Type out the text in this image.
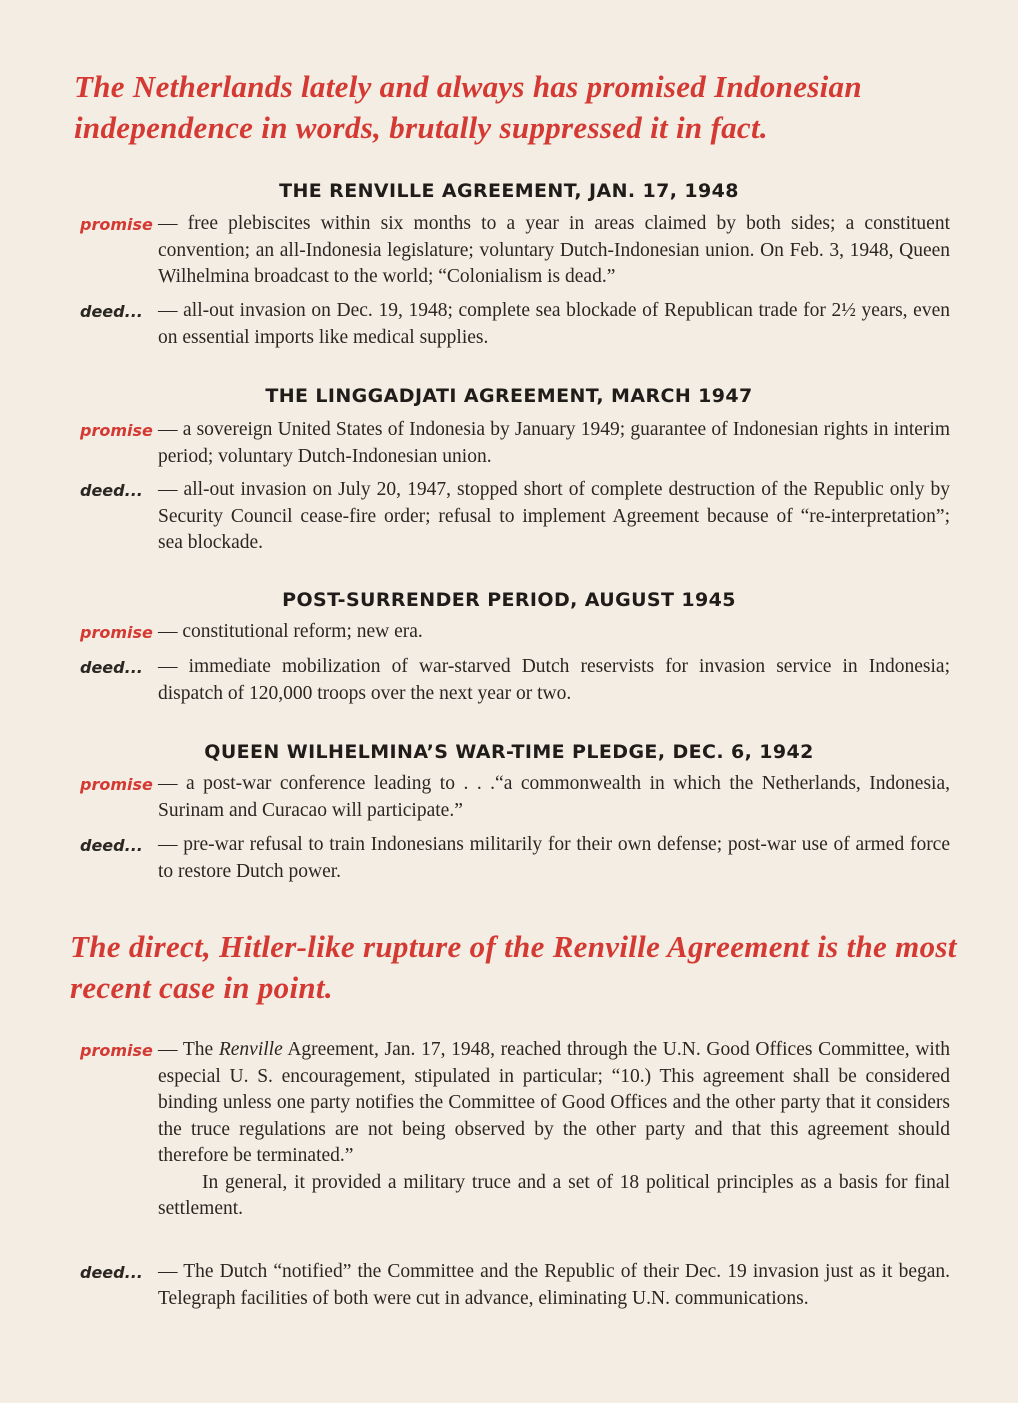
The Netherlands lately and always has promised Indonesian independence in words, brutally suppressed it in fact.
THE RENVILLE AGREEMENT, JAN. 17, 1948
promise — free plebiscites within six months to a year in areas claimed by both sides; a constituent convention; an all-Indonesia legislature; voluntary Dutch-Indonesian union. On Feb. 3, 1948, Queen Wilhelmina broadcast to the world; “Colonialism is dead.”
deed... — all-out invasion on Dec. 19, 1948; complete sea blockade of Republican trade for 2½ years, even on essential imports like medical supplies.
THE LINGGADJATI AGREEMENT, MARCH 1947
promise — a sovereign United States of Indonesia by January 1949; guarantee of Indonesian rights in interim period; voluntary Dutch-Indonesian union.
deed... — all-out invasion on July 20, 1947, stopped short of complete destruction of the Republic only by Security Council cease-fire order; refusal to implement Agreement because of “re-interpretation”; sea blockade.
POST-SURRENDER PERIOD, AUGUST 1945
promise — constitutional reform; new era.
deed... — immediate mobilization of war-starved Dutch reservists for invasion service in Indonesia; dispatch of 120,000 troops over the next year or two.
QUEEN WILHELMINA’S WAR-TIME PLEDGE, DEC. 6, 1942
promise — a post-war conference leading to . . .“a commonwealth in which the Netherlands, Indonesia, Surinam and Curacao will participate.”
deed... — pre-war refusal to train Indonesians militarily for their own defense; post-war use of armed force to restore Dutch power.
The direct, Hitler-like rupture of the Renville Agreement is the most recent case in point.
promise — The Renville Agreement, Jan. 17, 1948, reached through the U.N. Good Offices Committee, with especial U. S. encouragement, stipulated in particular; “10.) This agreement shall be considered binding unless one party notifies the Committee of Good Offices and the other party that it considers the truce regulations are not being observed by the other party and that this agreement should therefore be terminated.”
In general, it provided a military truce and a set of 18 political principles as a basis for final settlement.
deed... — The Dutch “notified” the Committee and the Republic of their Dec. 19 invasion just as it began. Telegraph facilities of both were cut in advance, eliminating U.N. communications.
